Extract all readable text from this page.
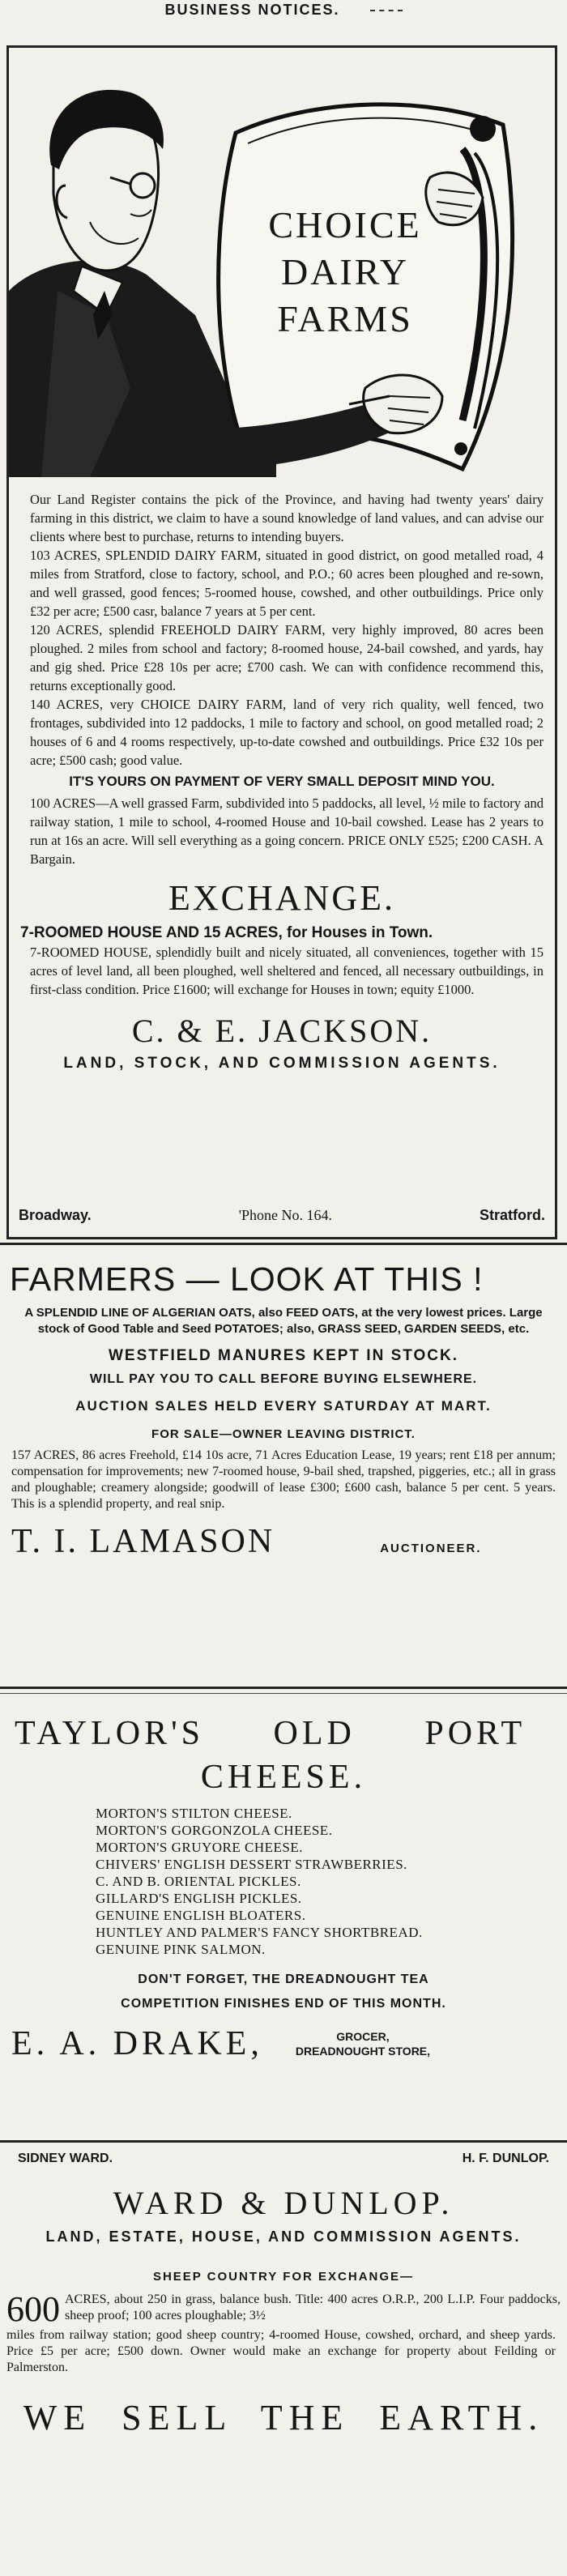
BUSINESS NOTICES.
CHOICE
DAIRY
FARMS

Our Land Register contains the pick of the Province, and having had twenty years' dairy farming in this district, we claim to have a sound knowledge of land values, and can advise our clients where best to purchase, returns to intending buyers.

103 ACRES, SPLENDID DAIRY FARM, situated in good district, on good metalled road, 4 miles from Stratford, close to factory, school, and P.O.; 60 acres been ploughed and re-sown, and well grassed, good fences; 5-roomed house, cowshed, and other outbuildings. Price only £32 per acre; £500 casr, balance 7 years at 5 per cent.

120 ACRES, splendid FREEHOLD DAIRY FARM, very highly improved, 80 acres been ploughed. 2 miles from school and factory; 8-roomed house, 24-bail cowshed, and yards, hay and gig shed. Price £28 10s per acre; £700 cash. We can with confidence recommend this, returns exceptionally good.

140 ACRES, very CHOICE DAIRY FARM, land of very rich quality, well fenced, two frontages, subdivided into 12 paddocks, 1 mile to factory and school, on good metalled road; 2 houses of 6 and 4 rooms respectively, up-to-date cowshed and outbuildings. Price £32 10s per acre; £500 cash; good value.

IT'S YOURS ON PAYMENT OF VERY SMALL DEPOSIT MIND YOU.

100 ACRES—A well grassed Farm, subdivided into 5 paddocks, all level, ½ mile to factory and railway station, 1 mile to school, 4-roomed House and 10-bail cowshed. Lease has 2 years to run at 16s an acre. Will sell everything as a going concern. PRICE ONLY £525; £200 CASH. A Bargain.

EXCHANGE.
7-ROOMED HOUSE AND 15 ACRES, for Houses in Town.

7-ROOMED HOUSE, splendidly built and nicely situated, all conveniences, together with 15 acres of level land, all been ploughed, well sheltered and fenced, all necessary outbuildings, in first-class condition. Price £1600; will exchange for Houses in town; equity £1000.

C. & E. JACKSON.
LAND, STOCK, AND COMMISSION AGENTS.
Broadway.	'Phone No. 164.	Stratford.
FARMERS — LOOK AT THIS !
A SPLENDID LINE OF ALGERIAN OATS, also FEED OATS, at the very lowest prices. Large stock of Good Table and Seed POTATOES; also, GRASS SEED, GARDEN SEEDS, etc.
WESTFIELD MANURES KEPT IN STOCK.
WILL PAY YOU TO CALL BEFORE BUYING ELSEWHERE.
AUCTION SALES HELD EVERY SATURDAY AT MART.
FOR SALE—OWNER LEAVING DISTRICT.

157 ACRES, 86 acres Freehold, £14 10s acre, 71 Acres Education Lease, 19 years; rent £18 per annum; compensation for improvements; new 7-roomed house, 9-bail shed, trapshed, piggeries, etc.; all in grass and ploughable; creamery alongside; goodwill of lease £300; £600 cash, balance 5 per cent. 5 years. This is a splendid property, and real snip.

T. I. LAMASON	AUCTIONEER.
TAYLOR'S OLD PORT
CHEESE.
MORTON'S STILTON CHEESE.
MORTON'S GORGONZOLA CHEESE.
MORTON'S GRUYORE CHEESE.
CHIVERS' ENGLISH DESSERT STRAWBERRIES.
C. AND B. ORIENTAL PICKLES.
GILLARD'S ENGLISH PICKLES.
GENUINE ENGLISH BLOATERS.
HUNTLEY AND PALMER'S FANCY SHORTBREAD.
GENUINE PINK SALMON.
DON'T FORGET, THE DREADNOUGHT TEA
COMPETITION FINISHES END OF THIS MONTH.
E. A. DRAKE,	GROCER,
DREADNOUGHT STORE,
SIDNEY WARD.	H. F. DUNLOP.
WARD & DUNLOP.
LAND, ESTATE, HOUSE, AND COMMISSION AGENTS.
SHEEP COUNTRY FOR EXCHANGE—
600 ACRES, about 250 in grass, balance bush. Title: 400 acres O.R.P., 200 L.I.P. Four paddocks, sheep proof; 100 acres ploughable; 3½
miles from railway station; good sheep country; 4-roomed House, cowshed, orchard, and sheep yards. Price £5 per acre; £500 down. Owner would make an exchange for property about Feilding or Palmerston.
WE SELL THE EARTH.
